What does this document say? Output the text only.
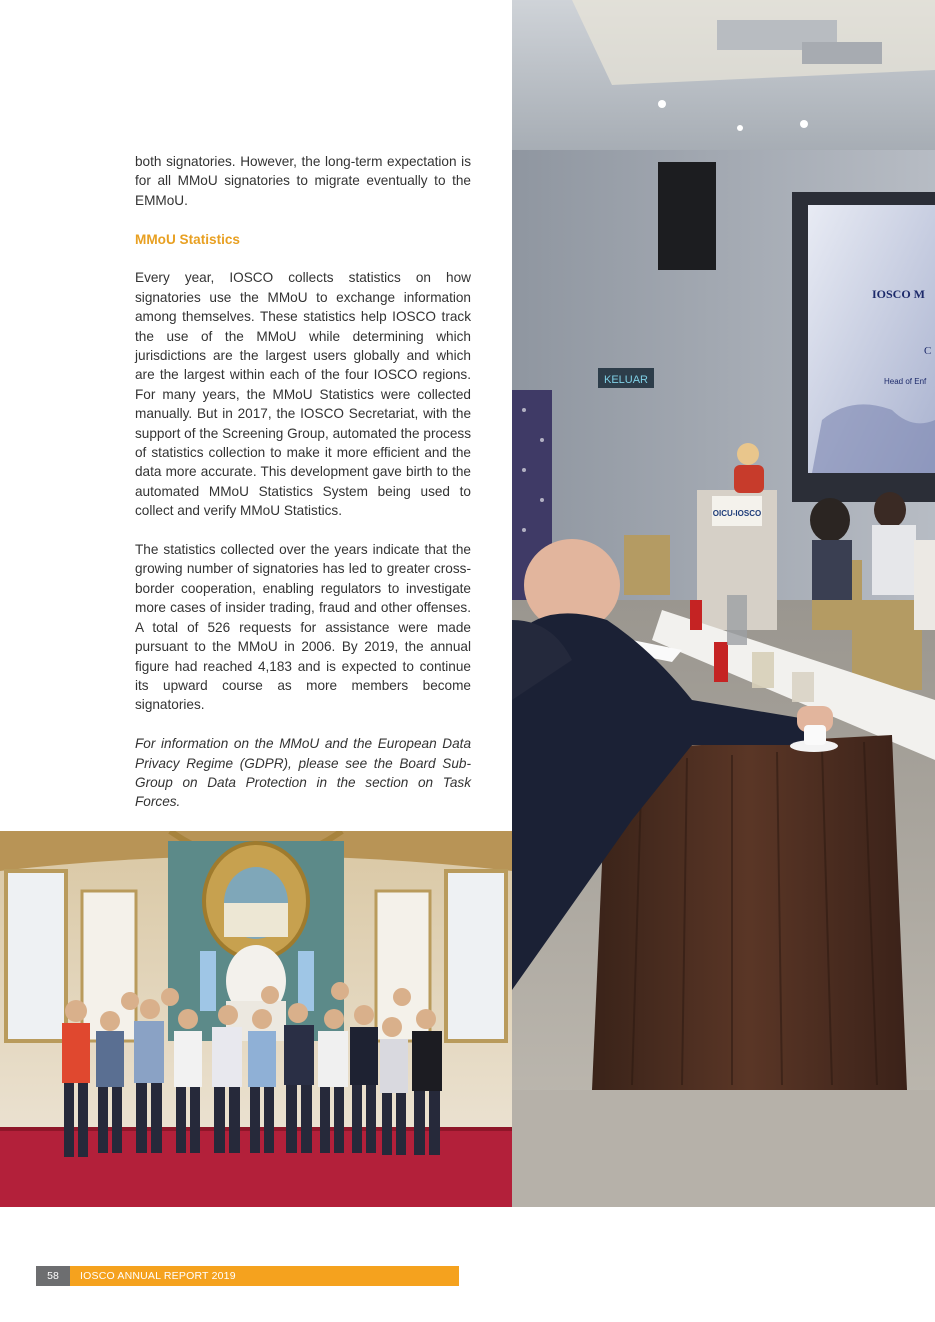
both signatories. However, the long-term expectation is for all MMoU signatories to migrate eventually to the EMMoU.

MMoU Statistics

Every year, IOSCO collects statistics on how signatories use the MMoU to exchange information among themselves. These statistics help IOSCO track the use of the MMoU while determining which jurisdictions are the largest users globally and which are the largest within each of the four IOSCO regions. For many years, the MMoU Statistics were collected manually. But in 2017, the IOSCO Secretariat, with the support of the Screening Group, automated the process of statistics collection to make it more efficient and the data more accurate. This development gave birth to the automated MMoU Statistics System being used to collect and verify MMoU Statistics.

The statistics collected over the years indicate that the growing number of signatories has led to greater cross-border cooperation, enabling regulators to investigate more cases of insider trading, fraud and other offenses. A total of 526 requests for assistance were made pursuant to the MMoU in 2006. By 2019, the annual figure had reached 4,183 and is expected to continue its upward course as more members become signatories.

For information on the MMoU and the European Data Privacy Regime (GDPR), please see the Board Sub-Group on Data Protection in the section on Task Forces.

KELUAR
IOSCO M
C
Head of Enf
OICU-IOSCO
58	IOSCO ANNUAL REPORT 2019
